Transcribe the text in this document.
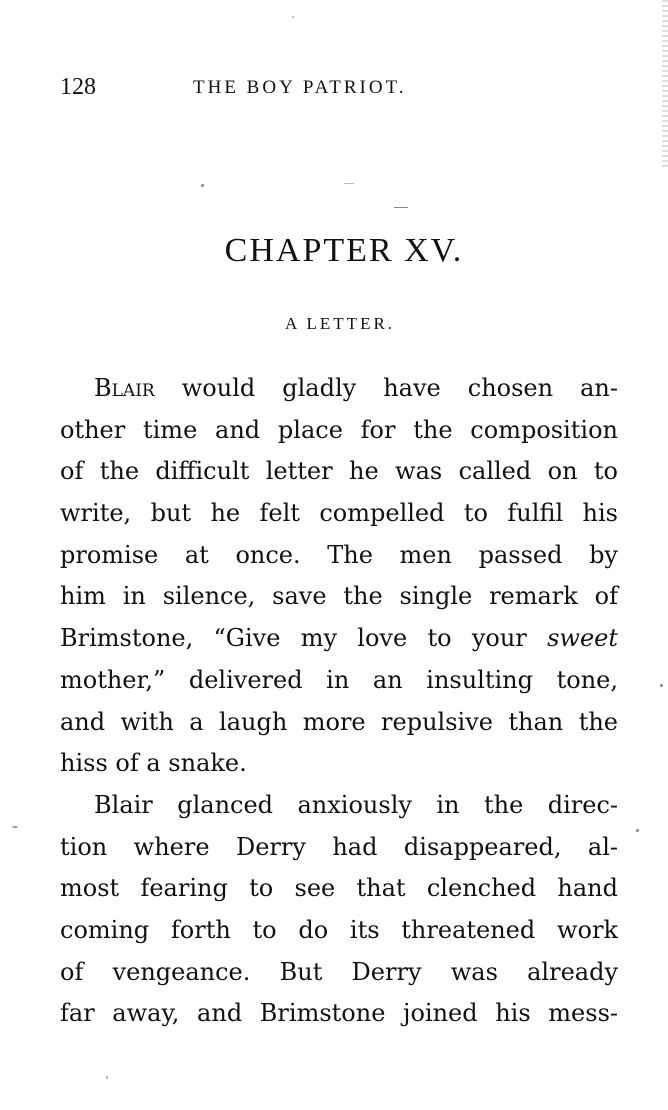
128	THE BOY PATRIOT.
CHAPTER XV.
A LETTER.
Blair would gladly have chosen an-
other time and place for the composition
of the difficult letter he was called on to
write, but he felt compelled to fulfil his
promise at once. The men passed by
him in silence, save the single remark of
Brimstone, “Give my love to your sweet
mother,” delivered in an insulting tone,
and with a laugh more repulsive than the
hiss of a snake.
Blair glanced anxiously in the direc-
tion where Derry had disappeared, al-
most fearing to see that clenched hand
coming forth to do its threatened work
of vengeance. But Derry was already
far away, and Brimstone joined his mess-
